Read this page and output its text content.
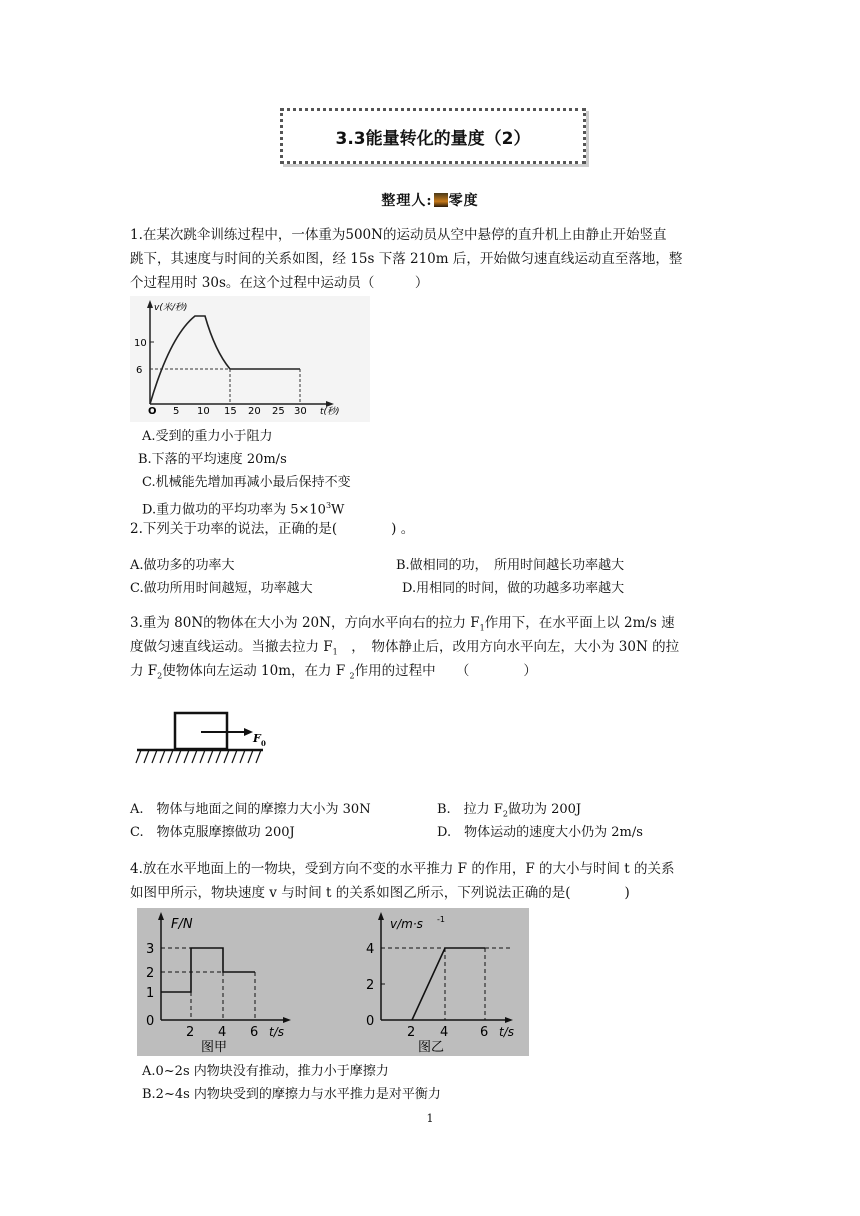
3.3能量转化的量度（2）
整理人: 零度
1.在某次跳伞训练过程中，一体重为500N的运动员从空中悬停的直升机上由静止开始竖直
跳下，其速度与时间的关系如图，经 15s 下落 210m 后，开始做匀速直线运动直至落地，整
个过程用时 30s。在这个过程中运动员（　　　）
v(米/秒)
10
6
O 5 10 15 20 25 30 t(秒)
A.受到的重力小于阻力
B.下落的平均速度 20m/s
C.机械能先增加再减小最后保持不变
D.重力做功的平均功率为 $5\times 10^3W$
2.下列关于功率的说法，正确的是(　　　　) 。
A.做功多的功率大	B.做相同的功，　所用时间越长功率越大
C.做功所用时间越短，功率越大	D.用相同的时间，做的功越多功率越大
3.重为 80N的物体在大小为 20N，方向水平向右的拉力 $F_1$作用下，在水平面上以 2m/s 速
度做匀速直线运动。当撤去拉力 $F_1$　，　物体静止后，改用方向水平向左，大小为 30N 的拉
力 $F_2$使物体向左运动 10m，在力 F $_2$作用的过程中　　（　　　　）
F 0
A.　物体与地面之间的摩擦力大小为 30N	B.　拉力 $F_2$做功为 200J
C.　物体克服摩擦做功 200J	D.　物体运动的速度大小仍为 2m/s
4.放在水平地面上的一物块，受到方向不变的水平推力 F 的作用，F 的大小与时间 t 的关系
如图甲所示，物块速度 v 与时间 t 的关系如图乙所示，下列说法正确的是(　　　　)
F/N
3
2
1
0
2 4 6 t/s
图甲
v/m·s -1
4
2
0
2 4 6 t/s
图乙
A.0~2s 内物块没有推动，推力小于摩擦力
B.2~4s 内物块受到的摩擦力与水平推力是对平衡力
1
